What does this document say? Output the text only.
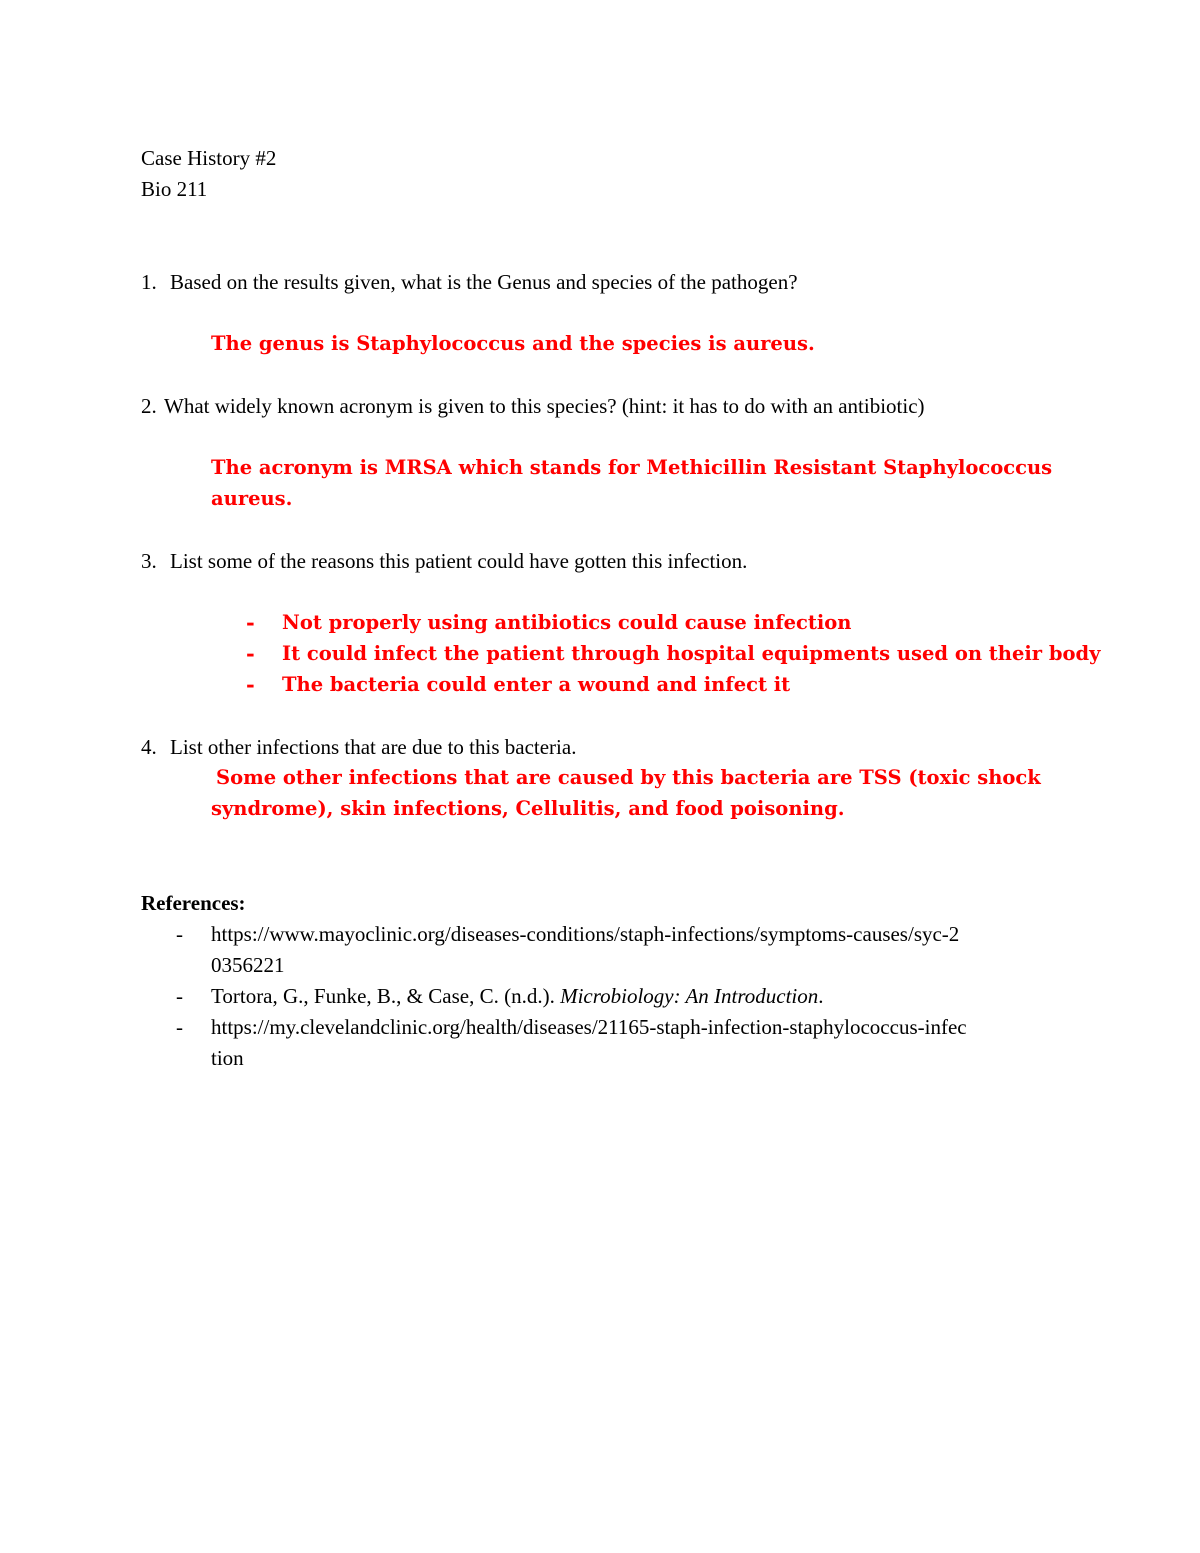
Case History #2
Bio 211
1. Based on the results given, what is the Genus and species of the pathogen?
The genus is Staphylococcus and the species is aureus.
2. What widely known acronym is given to this species? (hint: it has to do with an antibiotic)
The acronym is MRSA which stands for Methicillin Resistant Staphylococcus
aureus.
3. List some of the reasons this patient could have gotten this infection.
- Not properly using antibiotics could cause infection
- It could infect the patient through hospital equipments used on their body
- The bacteria could enter a wound and infect it
4. List other infections that are due to this bacteria.
Some other infections that are caused by this bacteria are TSS (toxic shock
syndrome), skin infections, Cellulitis, and food poisoning.
References:
- https://www.mayoclinic.org/diseases-conditions/staph-infections/symptoms-causes/syc-2
0356221
- Tortora, G., Funke, B., & Case, C. (n.d.). Microbiology: An Introduction.
- https://my.clevelandclinic.org/health/diseases/21165-staph-infection-staphylococcus-infec
tion
